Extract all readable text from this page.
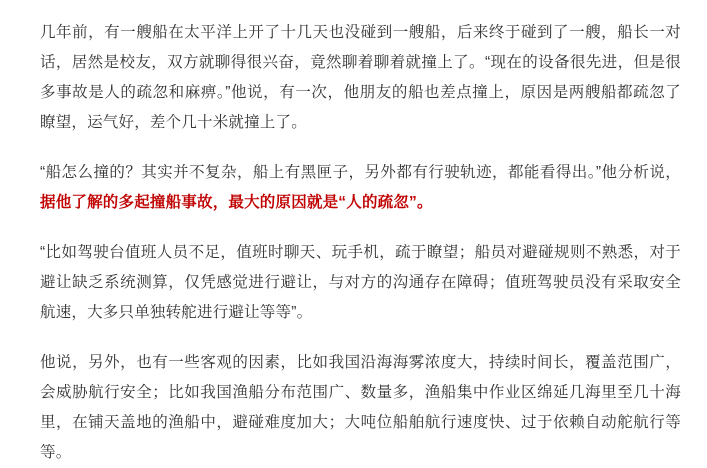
几年前，有一艘船在太平洋上开了十几天也没碰到一艘船，后来终于碰到了一艘，船长一对话，居然是校友，双方就聊得很兴奋，竟然聊着聊着就撞上了。“现在的设备很先进，但是很多事故是人的疏忽和麻痹。”他说，有一次，他朋友的船也差点撞上，原因是两艘船都疏忽了瞭望，运气好，差个几十米就撞上了。

“船怎么撞的？其实并不复杂，船上有黑匣子，另外都有行驶轨迹，都能看得出。”他分析说，据他了解的多起撞船事故，最大的原因就是“人的疏忽”。

“比如驾驶台值班人员不足，值班时聊天、玩手机，疏于瞭望；船员对避碰规则不熟悉，对于避让缺乏系统测算，仅凭感觉进行避让，与对方的沟通存在障碍；值班驾驶员没有采取安全航速，大多只单独转舵进行避让等等”。

他说，另外，也有一些客观的因素，比如我国沿海海雾浓度大，持续时间长，覆盖范围广，会威胁航行安全；比如我国渔船分布范围广、数量多，渔船集中作业区绵延几海里至几十海里，在铺天盖地的渔船中，避碰难度加大；大吨位船舶航行速度快、过于依赖自动舵航行等等。
